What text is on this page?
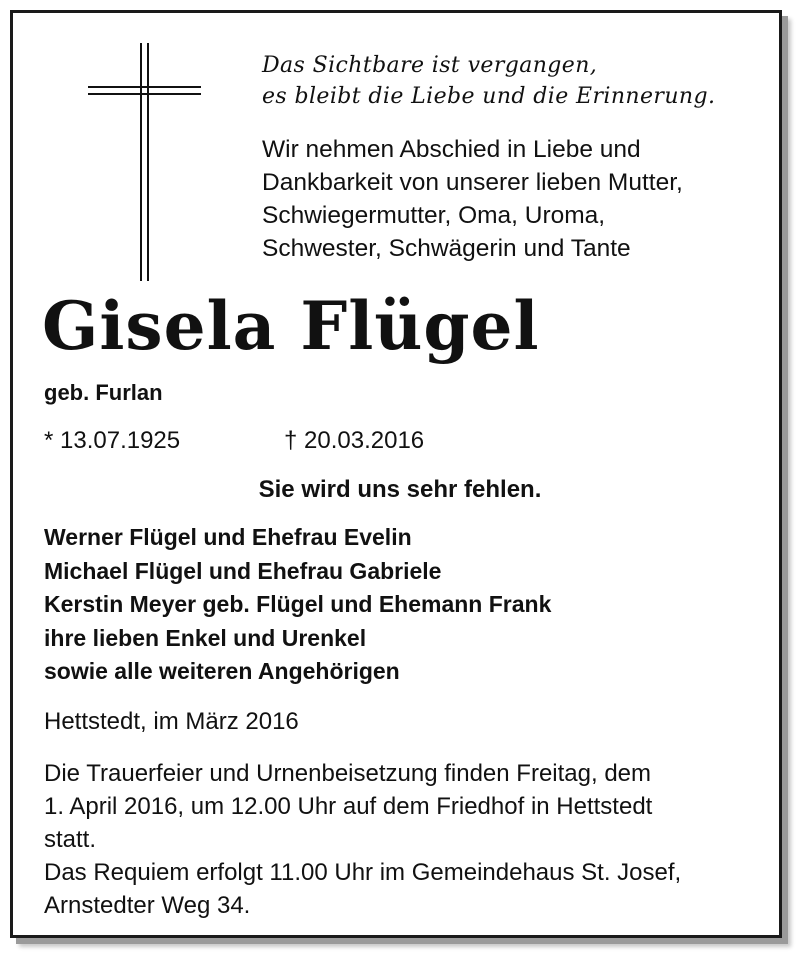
Das Sichtbare ist vergangen,
es bleibt die Liebe und die Erinnerung.

Wir nehmen Abschied in Liebe und
Dankbarkeit von unserer lieben Mutter,
Schwiegermutter, Oma, Uroma,
Schwester, Schwägerin und Tante

Gisela Flügel

geb. Furlan

* 13.07.1925	† 20.03.2016

Sie wird uns sehr fehlen.

Werner Flügel und Ehefrau Evelin
Michael Flügel und Ehefrau Gabriele
Kerstin Meyer geb. Flügel und Ehemann Frank
ihre lieben Enkel und Urenkel
sowie alle weiteren Angehörigen

Hettstedt, im März 2016

Die Trauerfeier und Urnenbeisetzung finden Freitag, dem
1. April 2016, um 12.00 Uhr auf dem Friedhof in Hettstedt
statt.
Das Requiem erfolgt 11.00 Uhr im Gemeindehaus St. Josef,
Arnstedter Weg 34.
